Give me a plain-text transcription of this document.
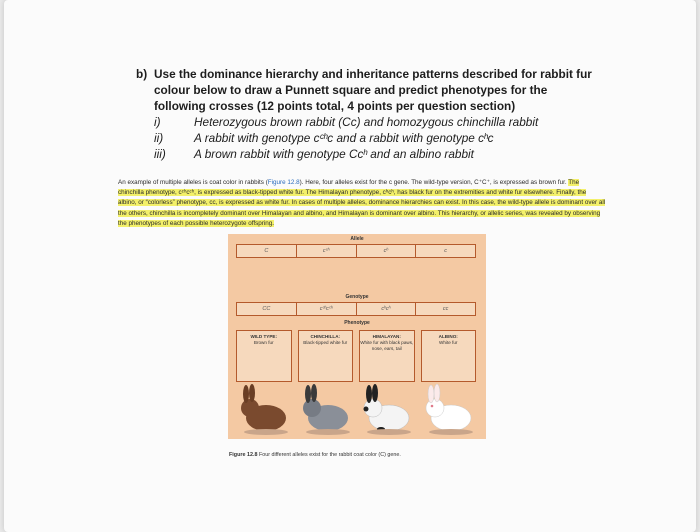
b) Use the dominance hierarchy and inheritance patterns described for rabbit fur
colour below to draw a Punnett square and predict phenotypes for the
following crosses (12 points total, 4 points per question section)
i)	Heterozygous brown rabbit (Cc) and homozygous chinchilla rabbit
ii)	A rabbit with genotype cᶜʰc and a rabbit with genotype cʰc
iii)	A brown rabbit with genotype Ccʰ and an albino rabbit
An example of multiple alleles is coat color in rabbits (Figure 12.8). Here, four alleles exist for the c gene. The wild-type version, C⁺C⁺, is expressed as brown fur. The chinchilla phenotype, cᶜʰcᶜʰ, is expressed as black-tipped white fur. The Himalayan phenotype, cʰcʰ, has black fur on the extremities and white fur elsewhere. Finally, the albino, or “colorless” phenotype, cc, is expressed as white fur. In cases of multiple alleles, dominance hierarchies can exist. In this case, the wild-type allele is dominant over all the others, chinchilla is incompletely dominant over Himalayan and albino, and Himalayan is dominant over albino. This hierarchy, or allelic series, was revealed by observing the phenotypes of each possible heterozygote offspring.
Allele
C	cᶜʰ	cʰ	c
Genotype
CC	cᶜʰcᶜʰ	cʰcʰ	cc
Phenotype
WILD TYPE:
Brown fur
CHINCHILLA:
Black-tipped white fur
HIMALAYAN:
White fur with black paws, nose, ears, tail
ALBINO:
White fur
Figure 12.8 Four different alleles exist for the rabbit coat color (C) gene.
